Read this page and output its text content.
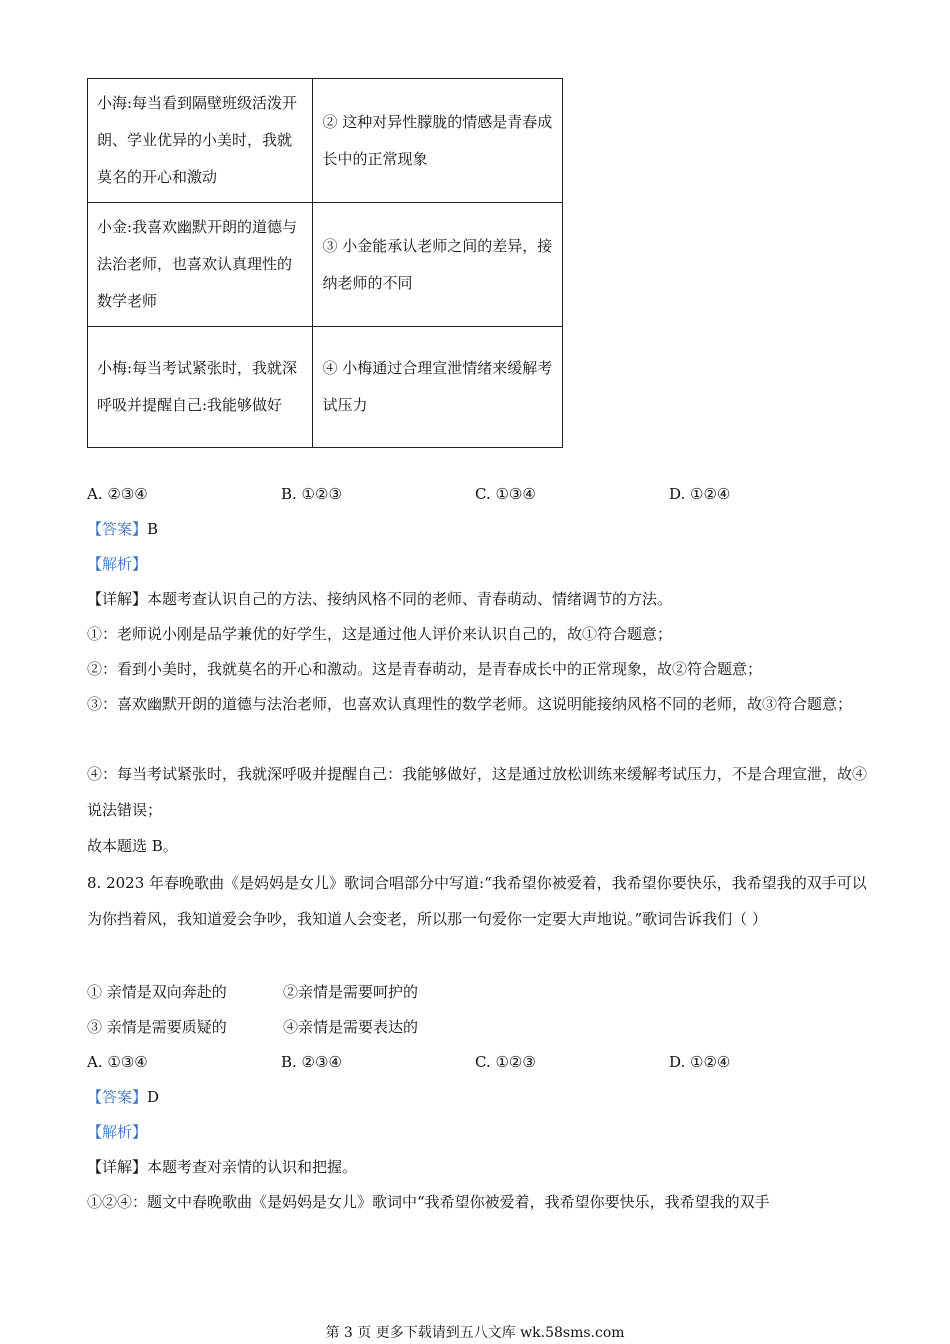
小海:每当看到隔壁班级活泼开朗、学业优异的小美时，我就莫名的开心和激动	② 这种对异性朦胧的情感是青春成长中的正常现象
小金:我喜欢幽默开朗的道德与法治老师，也喜欢认真理性的数学老师	③ 小金能承认老师之间的差异，接纳老师的不同
小梅:每当考试紧张时，我就深呼吸并提醒自己:我能够做好	④ 小梅通过合理宣泄情绪来缓解考试压力
A. ②③④	B. ①②③	C. ①③④	D. ①②④
【答案】B
【解析】
【详解】本题考查认识自己的方法、接纳风格不同的老师、青春萌动、情绪调节的方法。
①：老师说小刚是品学兼优的好学生，这是通过他人评价来认识自己的，故①符合题意；
②：看到小美时，我就莫名的开心和激动。这是青春萌动，是青春成长中的正常现象，故②符合题意；
③：喜欢幽默开朗的道德与法治老师，也喜欢认真理性的数学老师。这说明能接纳风格不同的老师，故③符合题意；
④：每当考试紧张时，我就深呼吸并提醒自己：我能够做好，这是通过放松训练来缓解考试压力，不是合理宣泄，故④说法错误；
故本题选 B。
8. 2023 年春晚歌曲《是妈妈是女儿》歌词合唱部分中写道:“我希望你被爱着，我希望你要快乐，我希望我的双手可以为你挡着风，我知道爱会争吵，我知道人会变老，所以那一句爱你一定要大声地说。”歌词告诉我们（ ）
① 亲情是双向奔赴的	②亲情是需要呵护的
③ 亲情是需要质疑的	④亲情是需要表达的
A. ①③④	B. ②③④	C. ①②③	D. ①②④
【答案】D
【解析】
【详解】本题考查对亲情的认识和把握。
①②④：题文中春晚歌曲《是妈妈是女儿》歌词中“我希望你被爱着，我希望你要快乐，我希望我的双手
第 3 页 更多下载请到五八文库 wk.58sms.com
